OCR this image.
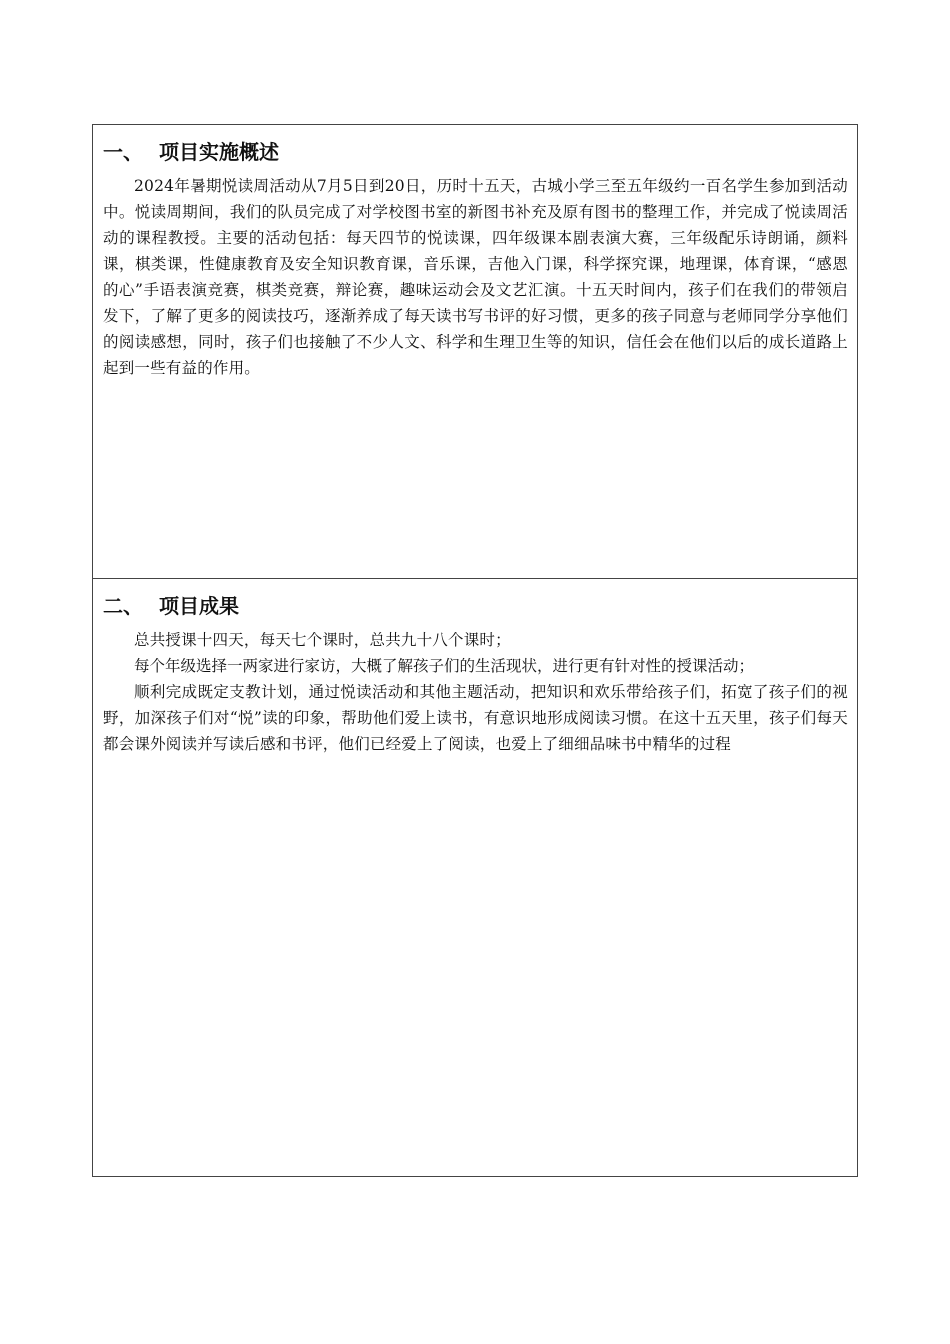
一、 项目实施概述

2024年暑期悦读周活动从7月5日到20日，历时十五天，古城小学三至五年级约一百名学生参加到活动中。悦读周期间，我们的队员完成了对学校图书室的新图书补充及原有图书的整理工作，并完成了悦读周活动的课程教授。主要的活动包括：每天四节的悦读课，四年级课本剧表演大赛，三年级配乐诗朗诵，颜料课，棋类课，性健康教育及安全知识教育课，音乐课，吉他入门课，科学探究课，地理课，体育课，“感恩的心”手语表演竞赛，棋类竞赛，辩论赛，趣味运动会及文艺汇演。十五天时间内，孩子们在我们的带领启发下，了解了更多的阅读技巧，逐渐养成了每天读书写书评的好习惯，更多的孩子同意与老师同学分享他们的阅读感想，同时，孩子们也接触了不少人文、科学和生理卫生等的知识，信任会在他们以后的成长道路上起到一些有益的作用。

二、 项目成果

总共授课十四天，每天七个课时，总共九十八个课时；

每个年级选择一两家进行家访，大概了解孩子们的生活现状，进行更有针对性的授课活动；

顺利完成既定支教计划，通过悦读活动和其他主题活动，把知识和欢乐带给孩子们，拓宽了孩子们的视野，加深孩子们对“悦”读的印象，帮助他们爱上读书，有意识地形成阅读习惯。在这十五天里，孩子们每天都会课外阅读并写读后感和书评，他们已经爱上了阅读，也爱上了细细品味书中精华的过程
